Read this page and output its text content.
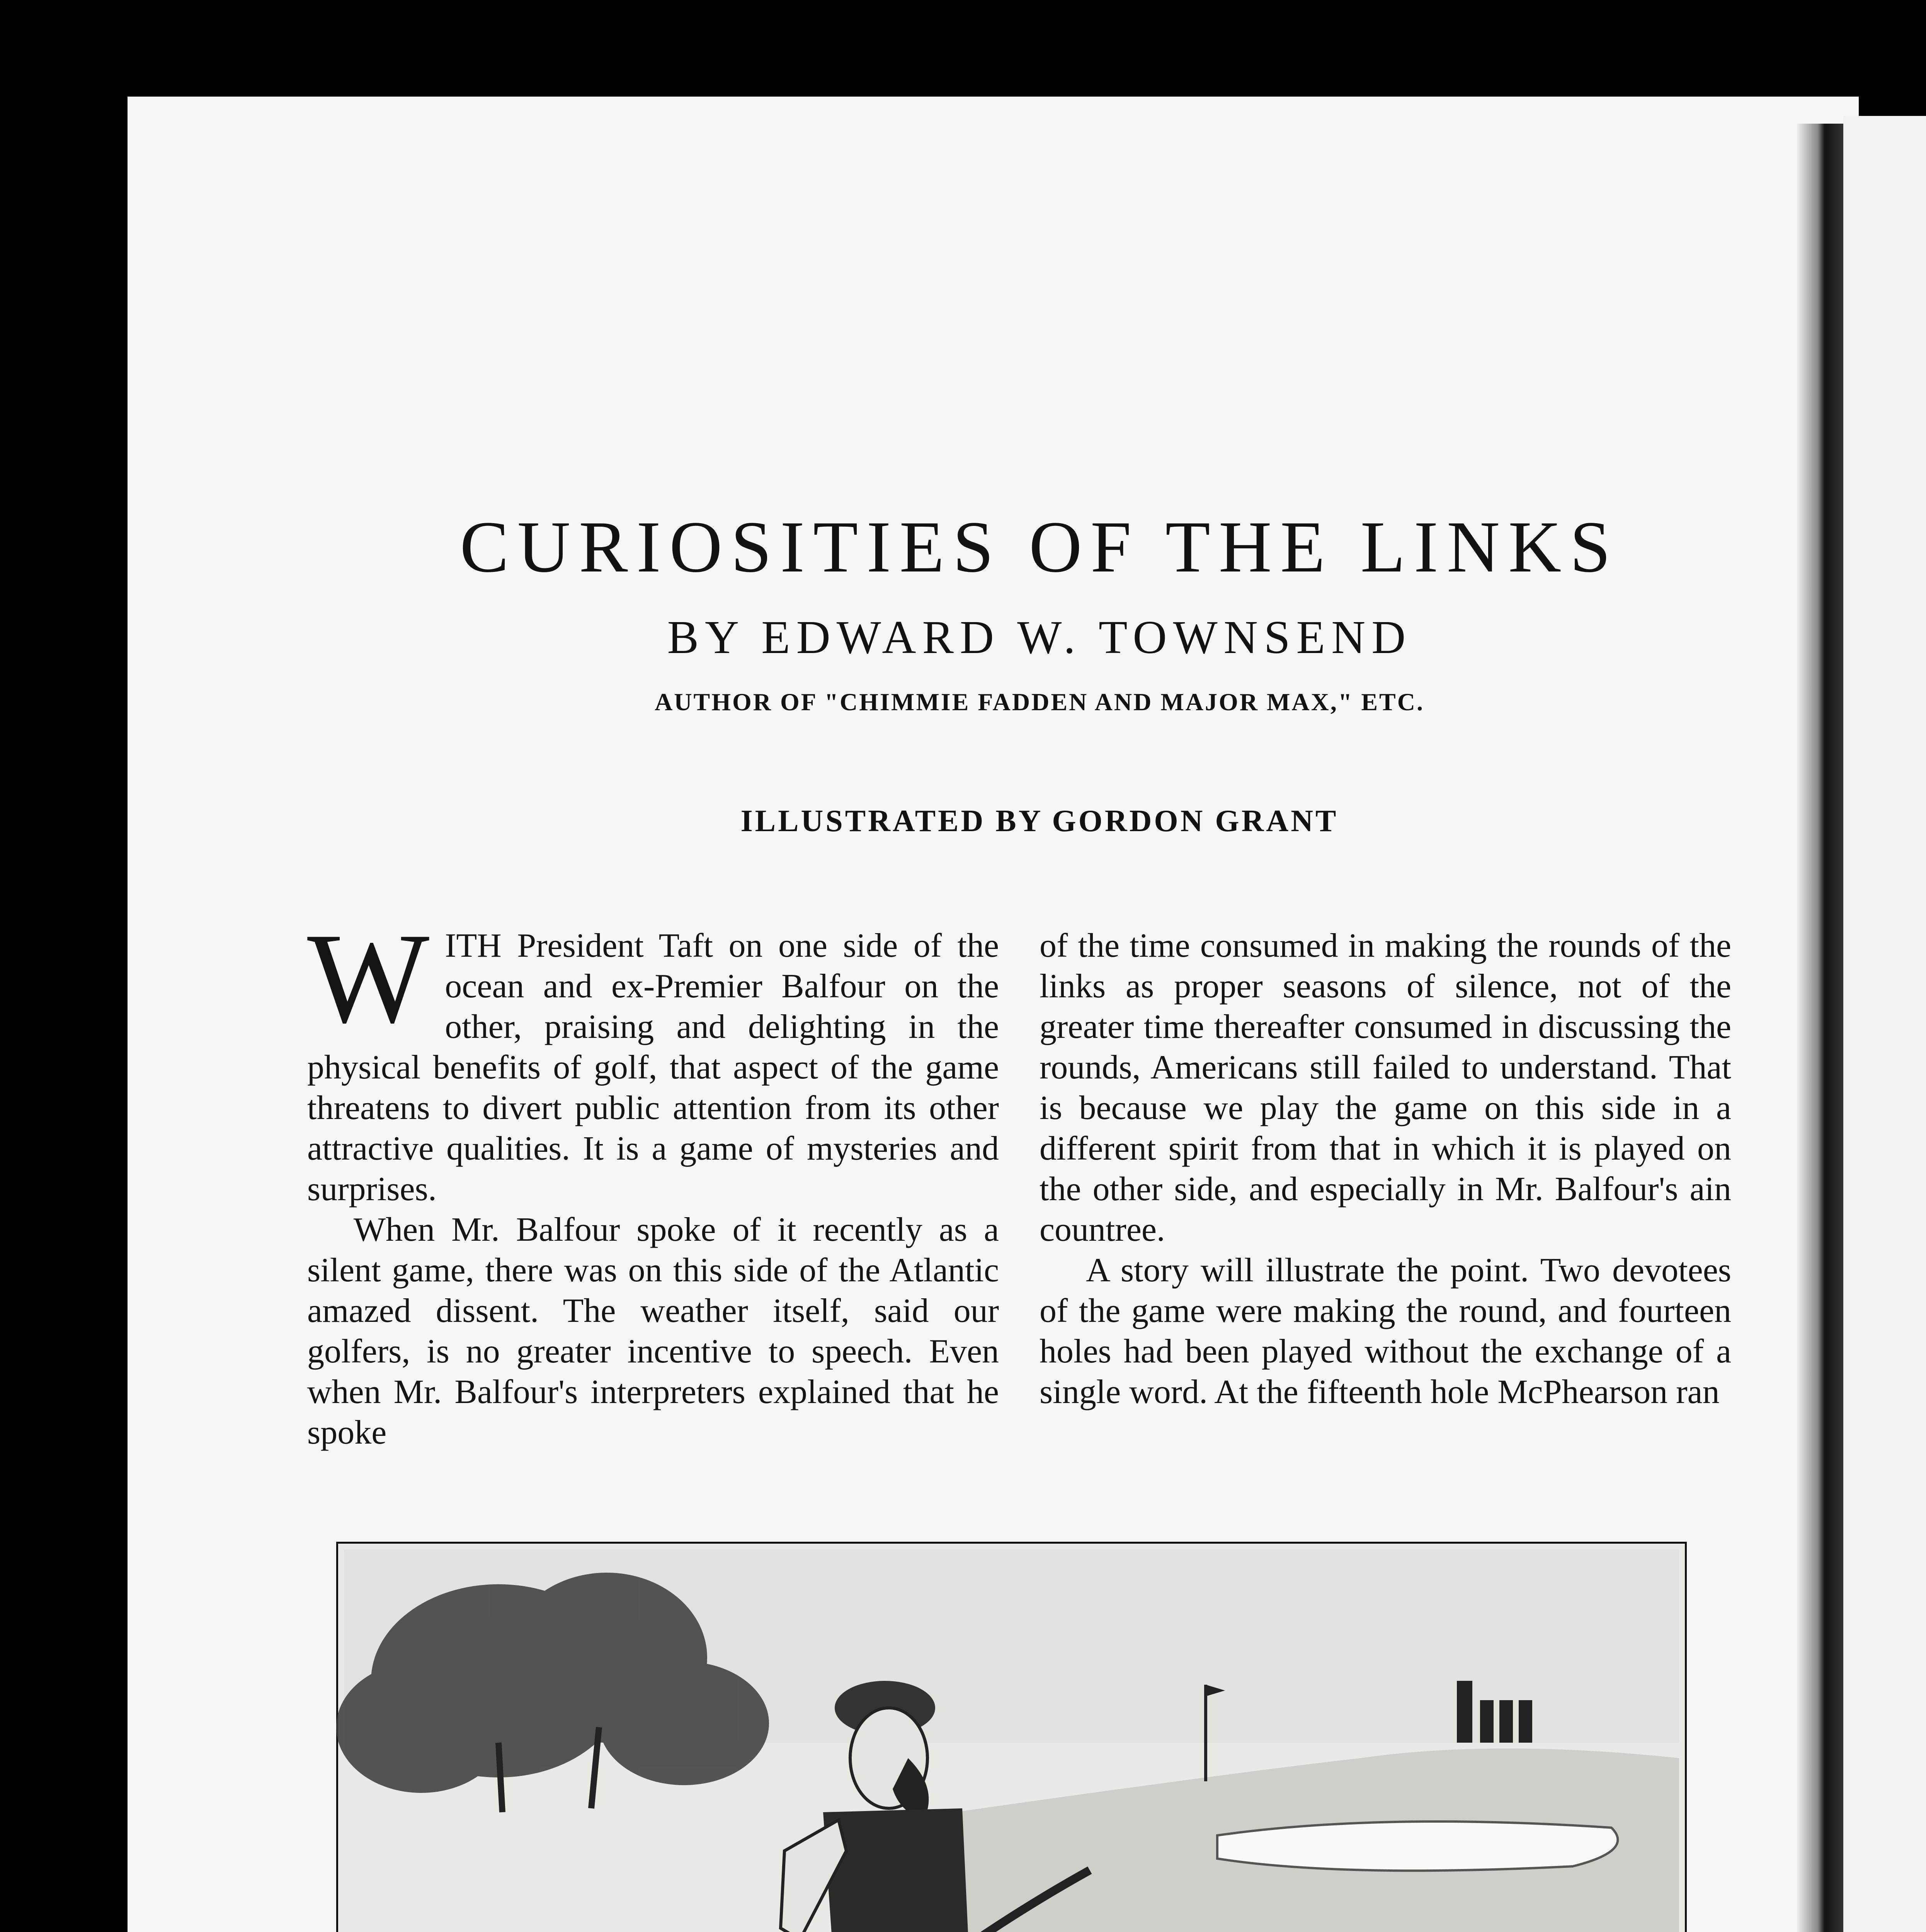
CURIOSITIES OF THE LINKS
BY EDWARD W. TOWNSEND
AUTHOR OF "CHIMMIE FADDEN AND MAJOR MAX," ETC.
ILLUSTRATED BY GORDON GRANT

WITH President Taft on one side of the ocean and ex-Premier Balfour on the other, praising and delighting in the physical benefits of golf, that aspect of the game threatens to divert public attention from its other attractive qualities. It is a game of mysteries and surprises.

When Mr. Balfour spoke of it recently as a silent game, there was on this side of the Atlantic amazed dissent. The weather itself, said our golfers, is no greater incentive to speech. Even when Mr. Balfour's interpreters explained that he spoke

of the time consumed in making the rounds of the links as proper seasons of silence, not of the greater time thereafter consumed in discussing the rounds, Americans still failed to understand. That is because we play the game on this side in a different spirit from that in which it is played on the other side, and especially in Mr. Balfour's ain countree.

A story will illustrate the point. Two devotees of the game were making the round, and fourteen holes had been played without the exchange of a single word. At the fifteenth hole McPhearson ran
